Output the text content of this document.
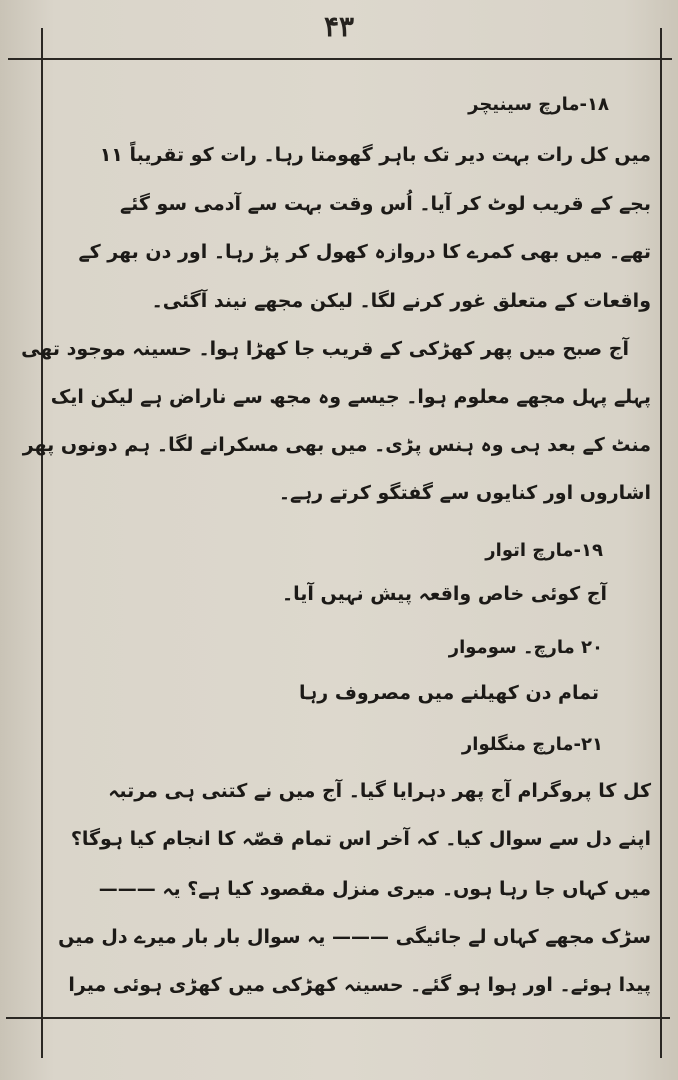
۴۳
۱۸-مارچ سینیچر
میں کل رات بہت دیر تک باہر گھومتا رہا۔ رات کو تقریباً ۱۱
بجے کے قریب لوٹ کر آیا۔ اُس وقت بہت سے آدمی سو گئے
تھے۔ میں بھی کمرے کا دروازہ کھول کر پڑ رہا۔ اور دن بھر کے
واقعات کے متعلق غور کرنے لگا۔ لیکن مجھے نیند آگئی۔
آج صبح میں پھر کھڑکی کے قریب جا کھڑا ہوا۔ حسینہ موجود تھی
پہلے پہل مجھے معلوم ہوا۔ جیسے وہ مجھ سے ناراض ہے لیکن ایک
منٹ کے بعد ہی وہ ہنس پڑی۔ میں بھی مسکرانے لگا۔ ہم دونوں پھر
اشاروں اور کنایوں سے گفتگو کرتے رہے۔
۱۹-مارچ اتوار
آج کوئی خاص واقعہ پیش نہیں آیا۔
۲۰ مارچ۔ سوموار
تمام دن کھیلنے میں مصروف رہا
۲۱-مارچ منگلوار
کل کا پروگرام آج پھر دہرایا گیا۔ آج میں نے کتنی ہی مرتبہ
اپنے دل سے سوال کیا۔ کہ آخر اس تمام قصّہ کا انجام کیا ہوگا؟
میں کہاں جا رہا ہوں۔ میری منزل مقصود کیا ہے؟ یہ ———
سڑک مجھے کہاں لے جائیگی ——— یہ سوال بار بار میرے دل میں
پیدا ہوئے۔ اور ہوا ہو گئے۔ حسینہ کھڑکی میں کھڑی ہوئی میرا
